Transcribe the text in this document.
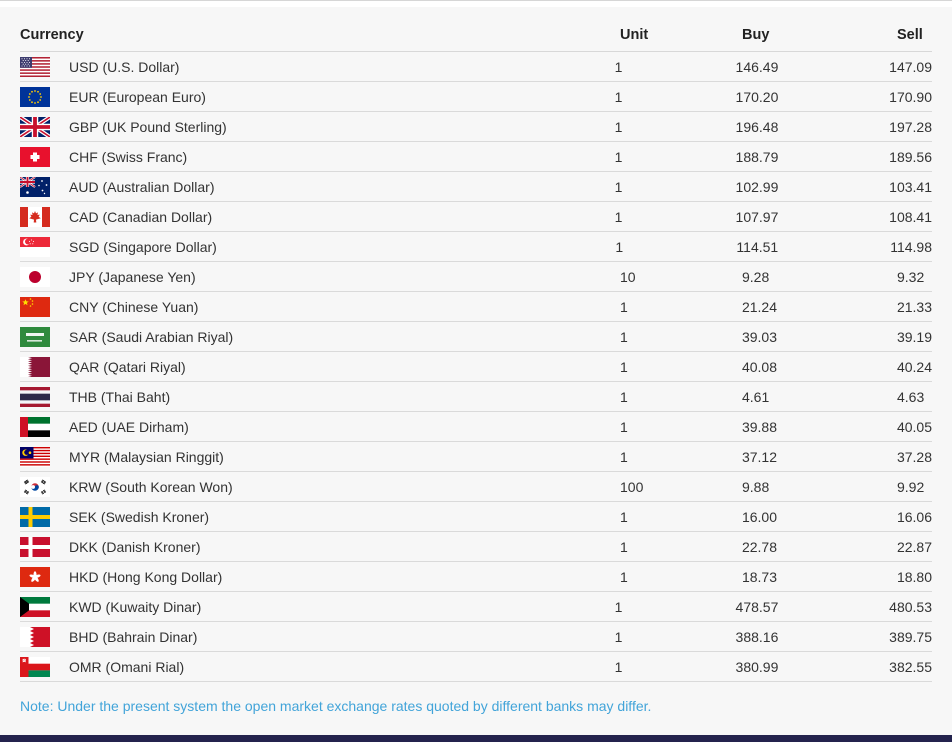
Currency	Unit	Buy	Sell
USD (U.S. Dollar)	1	146.49	147.09
EUR (European Euro)	1	170.20	170.90
GBP (UK Pound Sterling)	1	196.48	197.28
CHF (Swiss Franc)	1	188.79	189.56
AUD (Australian Dollar)	1	102.99	103.41
CAD (Canadian Dollar)	1	107.97	108.41
SGD (Singapore Dollar)	1	114.51	114.98
JPY (Japanese Yen)	10	9.28	9.32
CNY (Chinese Yuan)	1	21.24	21.33
SAR (Saudi Arabian Riyal)	1	39.03	39.19
QAR (Qatari Riyal)	1	40.08	40.24
THB (Thai Baht)	1	4.61	4.63
AED (UAE Dirham)	1	39.88	40.05
MYR (Malaysian Ringgit)	1	37.12	37.28
KRW (South Korean Won)	100	9.88	9.92
SEK (Swedish Kroner)	1	16.00	16.06
DKK (Danish Kroner)	1	22.78	22.87
HKD (Hong Kong Dollar)	1	18.73	18.80
KWD (Kuwaity Dinar)	1	478.57	480.53
BHD (Bahrain Dinar)	1	388.16	389.75
OMR (Omani Rial)	1	380.99	382.55
Note: Under the present system the open market exchange rates quoted by different banks may differ.
